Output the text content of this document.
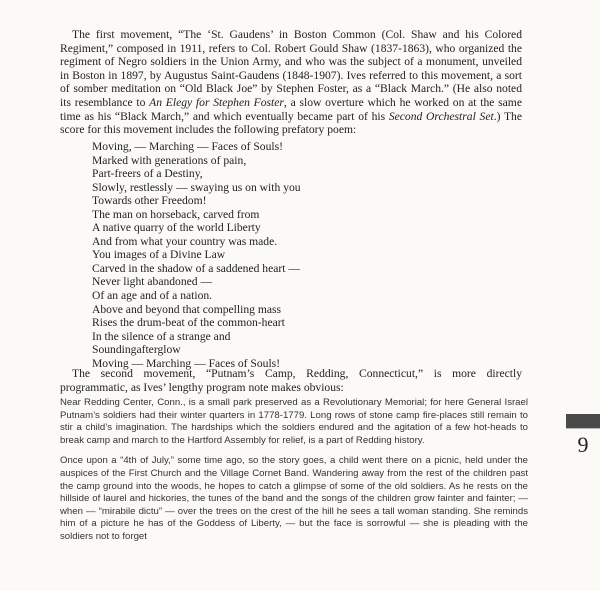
The first movement, “The ‘St. Gaudens’ in Boston Common (Col. Shaw and his Colored Regiment,” composed in 1911, refers to Col. Robert Gould Shaw (1837-1863), who organized the regiment of Negro soldiers in the Union Army, and who was the subject of a monument, unveiled in Boston in 1897, by Augustus Saint-Gaudens (1848-1907). Ives referred to this movement, a sort of somber meditation on “Old Black Joe” by Stephen Foster, as a “Black March.” (He also noted its resemblance to An Elegy for Stephen Foster, a slow overture which he worked on at the same time as his “Black March,” and which eventually became part of his Second Orchestral Set.) The score for this movement includes the following prefatory poem:

Moving, — Marching — Faces of Souls!
Marked with generations of pain,
Part-freers of a Destiny,
Slowly, restlessly — swaying us on with you
Towards other Freedom!
The man on horseback, carved from
A native quarry of the world Liberty
And from what your country was made.
You images of a Divine Law
Carved in the shadow of a saddened heart —
Never light abandoned —
Of an age and of a nation.
Above and beyond that compelling mass
Rises the drum-beat of the common-heart
In the silence of a strange and
Soundingafterglow
Moving — Marching — Faces of Souls!

The second movement, “Putnam’s Camp, Redding, Connecticut,” is more directly programmatic, as Ives’ lengthy program note makes obvious:

Near Redding Center, Conn., is a small park preserved as a Revolutionary Memorial; for here General Israel Putnam’s soldiers had their winter quarters in 1778-1779. Long rows of stone camp fire-places still remain to stir a child’s imagination. The hardships which the soldiers endured and the agitation of a few hot-heads to break camp and march to the Hartford Assembly for relief, is a part of Redding history.

Once upon a “4th of July,” some time ago, so the story goes, a child went there on a picnic, held under the auspices of the First Church and the Village Cornet Band. Wandering away from the rest of the children past the camp ground into the woods, he hopes to catch a glimpse of some of the old soldiers. As he rests on the hillside of laurel and hickories, the tunes of the band and the songs of the children grow fainter and fainter; — when — “mirabile dictu” — over the trees on the crest of the hill he sees a tall woman standing. She reminds him of a picture he has of the Goddess of Liberty, — but the face is sorrowful — she is pleading with the soldiers not to forget

9
